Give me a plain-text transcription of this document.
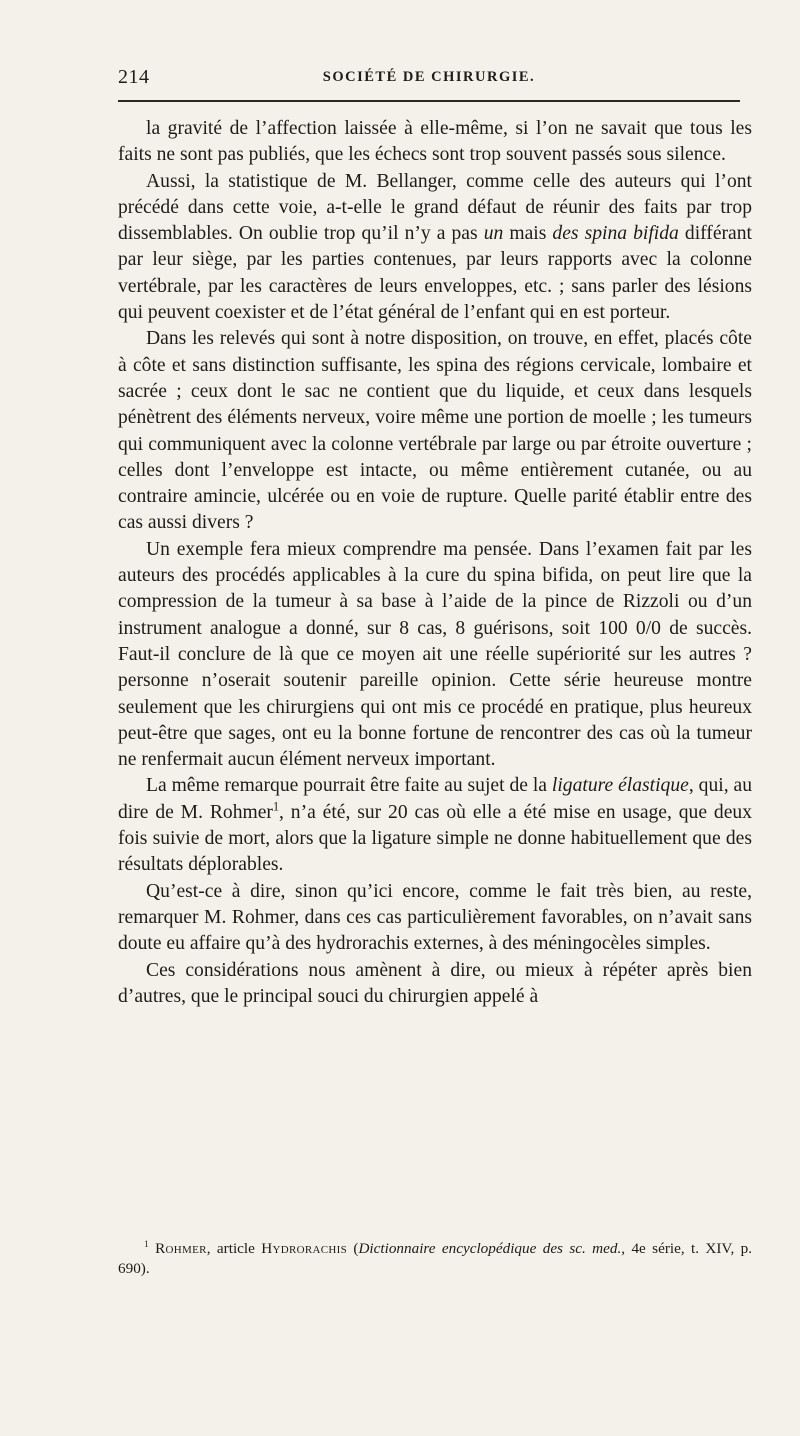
214	SOCIÉTÉ DE CHIRURGIE.

la gravité de l’affection laissée à elle-même, si l’on ne savait que tous les faits ne sont pas publiés, que les échecs sont trop souvent passés sous silence.

Aussi, la statistique de M. Bellanger, comme celle des auteurs qui l’ont précédé dans cette voie, a-t-elle le grand défaut de réunir des faits par trop dissemblables. On oublie trop qu’il n’y a pas un mais des spina bifida différant par leur siège, par les parties contenues, par leurs rapports avec la colonne vertébrale, par les caractères de leurs enveloppes, etc. ; sans parler des lésions qui peuvent coexister et de l’état général de l’enfant qui en est porteur.

Dans les relevés qui sont à notre disposition, on trouve, en effet, placés côte à côte et sans distinction suffisante, les spina des régions cervicale, lombaire et sacrée ; ceux dont le sac ne contient que du liquide, et ceux dans lesquels pénètrent des éléments nerveux, voire même une portion de moelle ; les tumeurs qui communiquent avec la colonne vertébrale par large ou par étroite ouverture ; celles dont l’enveloppe est intacte, ou même entièrement cutanée, ou au contraire amincie, ulcérée ou en voie de rupture. Quelle parité établir entre des cas aussi divers ?

Un exemple fera mieux comprendre ma pensée. Dans l’examen fait par les auteurs des procédés applicables à la cure du spina bifida, on peut lire que la compression de la tumeur à sa base à l’aide de la pince de Rizzoli ou d’un instrument analogue a donné, sur 8 cas, 8 guérisons, soit 100 0/0 de succès. Faut-il conclure de là que ce moyen ait une réelle supériorité sur les autres ? personne n’oserait soutenir pareille opinion. Cette série heureuse montre seulement que les chirurgiens qui ont mis ce procédé en pratique, plus heureux peut-être que sages, ont eu la bonne fortune de rencontrer des cas où la tumeur ne renfermait aucun élément nerveux important.

La même remarque pourrait être faite au sujet de la ligature élastique, qui, au dire de M. Rohmer$^1$, n’a été, sur 20 cas où elle a été mise en usage, que deux fois suivie de mort, alors que la ligature simple ne donne habituellement que des résultats déplorables.

Qu’est-ce à dire, sinon qu’ici encore, comme le fait très bien, au reste, remarquer M. Rohmer, dans ces cas particulièrement favorables, on n’avait sans doute eu affaire qu’à des hydrorachis externes, à des méningocèles simples.

Ces considérations nous amènent à dire, ou mieux à répéter après bien d’autres, que le principal souci du chirurgien appelé à

$^1$ Rohmer, article Hydrorachis (Dictionnaire encyclopédique des sc. med., 4e série, t. XIV, p. 690).
